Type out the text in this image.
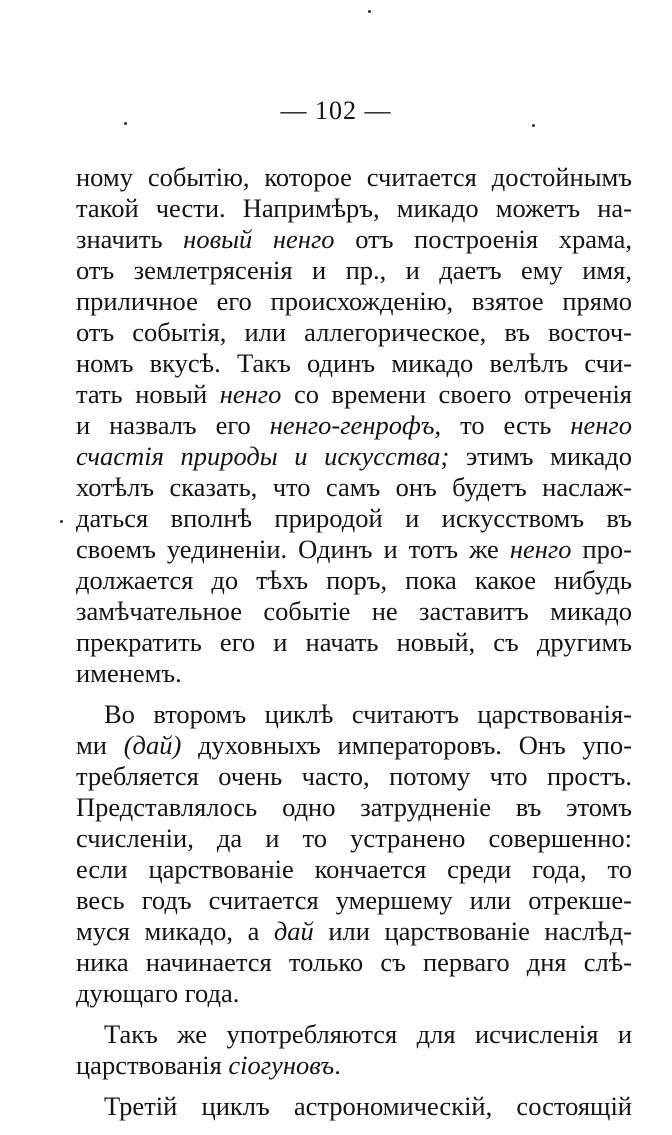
— 102 —
ному событію, которое считается достойнымъ
такой чести. Напримѣръ, микадо можетъ на-
значить новый ненго отъ построенія храма,
отъ землетрясенія и пр., и даетъ ему имя,
приличное его происхожденію, взятое прямо
отъ событія, или аллегорическое, въ восточ-
номъ вкусѣ. Такъ одинъ микадо велѣлъ счи-
тать новый ненго со времени своего отреченія
и назвалъ его ненго-генрофъ, то есть ненго
счастія природы и искусства; этимъ микадо
хотѣлъ сказать, что самъ онъ будетъ наслаж-
даться вполнѣ природой и искусствомъ въ
своемъ уединеніи. Одинъ и тотъ же ненго про-
должается до тѣхъ поръ, пока какое нибудь
замѣчательное событіе не заставитъ микадо
прекратить его и начать новый, съ другимъ
именемъ.
Во второмъ циклѣ считаютъ царствованія-
ми (дай) духовныхъ императоровъ. Онъ упо-
требляется очень часто, потому что простъ.
Представлялось одно затрудненіе въ этомъ
счисленіи, да и то устранено совершенно:
если царствованіе кончается среди года, то
весь годъ считается умершему или отрекше-
муся микадо, а дай или царствованіе наслѣд-
ника начинается только съ перваго дня слѣ-
дующаго года.
Такъ же употребляются для исчисленія и
царствованія сіогуновъ.
Третій циклъ астрономическій, состоящій
